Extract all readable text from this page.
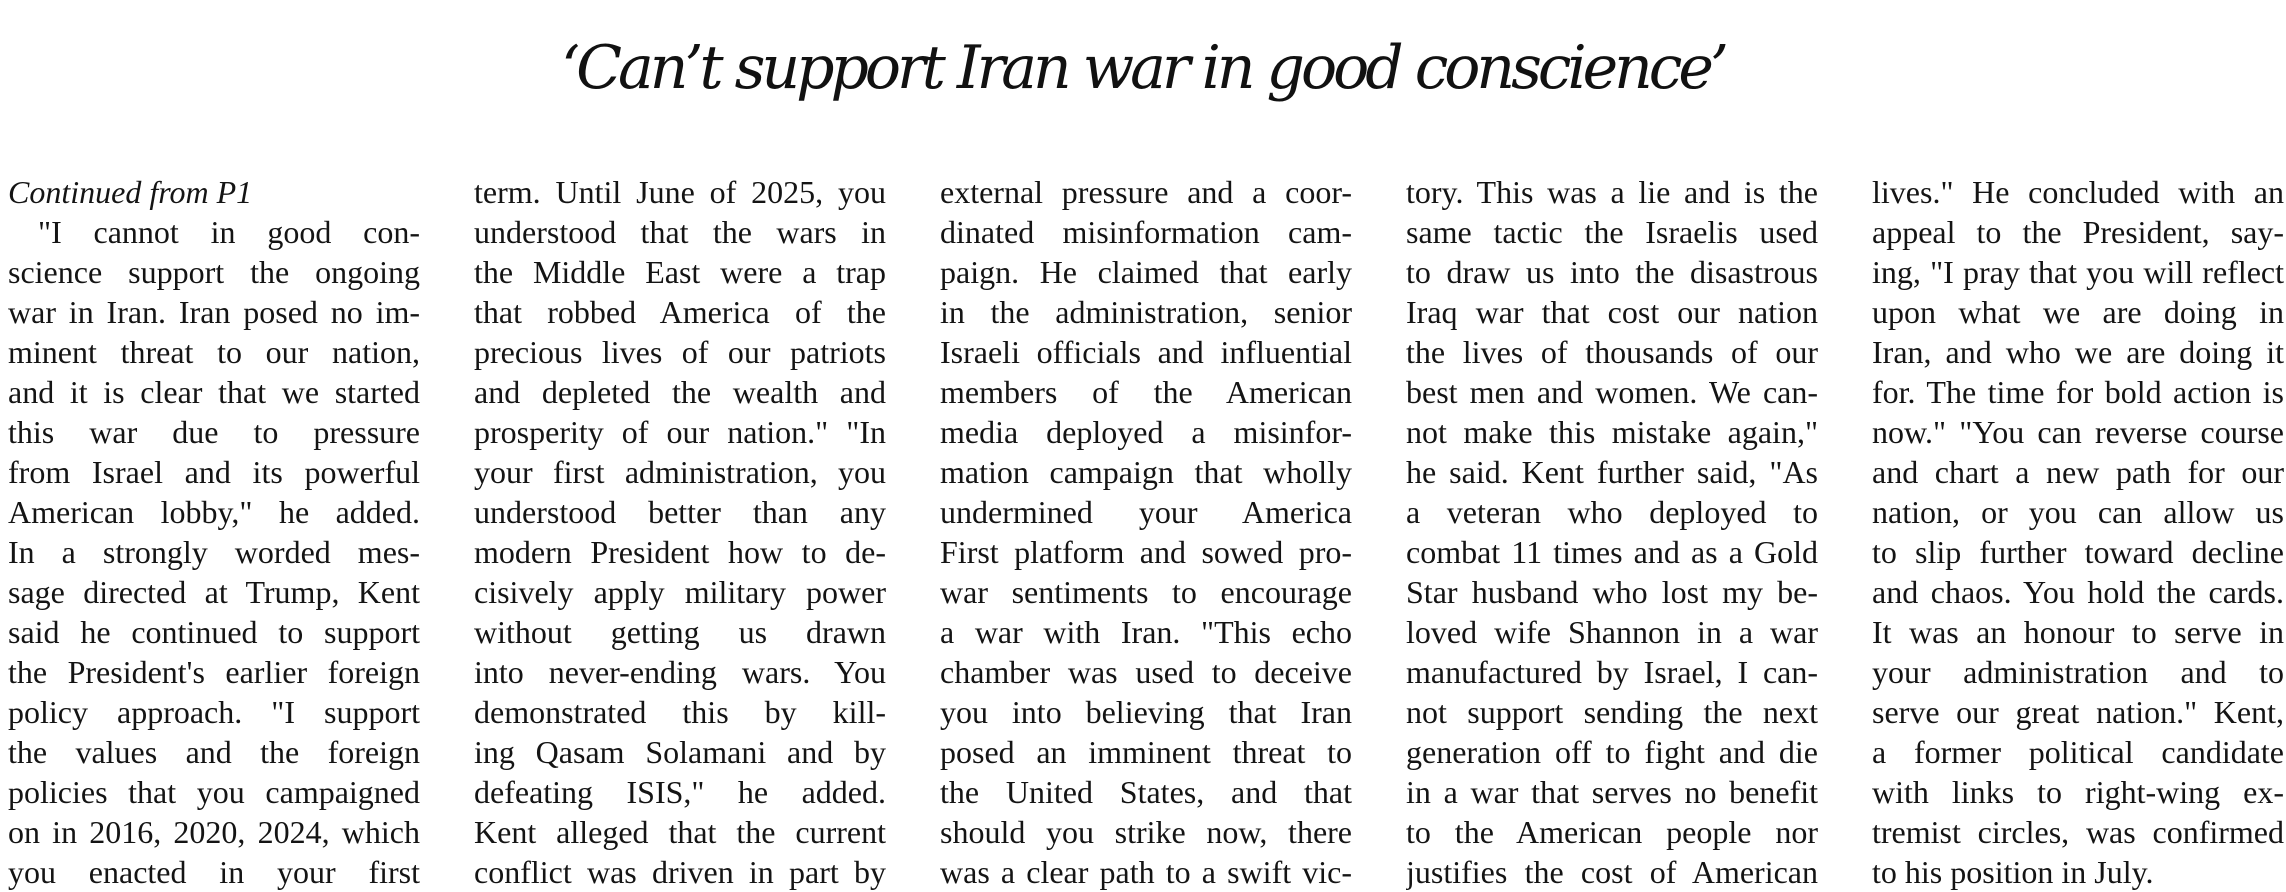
‘Can’t support Iran war in good conscience’
Continued from P1
"I cannot in good con-
science support the ongoing
war in Iran. Iran posed no im-
minent threat to our nation,
and it is clear that we started
this war due to pressure
from Israel and its powerful
American lobby," he added.
In a strongly worded mes-
sage directed at Trump, Kent
said he continued to support
the President's earlier foreign
policy approach. "I support
the values and the foreign
policies that you campaigned
on in 2016, 2020, 2024, which
you enacted in your first
term. Until June of 2025, you
understood that the wars in
the Middle East were a trap
that robbed America of the
precious lives of our patriots
and depleted the wealth and
prosperity of our nation." "In
your first administration, you
understood better than any
modern President how to de-
cisively apply military power
without getting us drawn
into never-ending wars. You
demonstrated this by kill-
ing Qasam Solamani and by
defeating ISIS," he added.
Kent alleged that the current
conflict was driven in part by
external pressure and a coor-
dinated misinformation cam-
paign. He claimed that early
in the administration, senior
Israeli officials and influential
members of the American
media deployed a misinfor-
mation campaign that wholly
undermined your America
First platform and sowed pro-
war sentiments to encourage
a war with Iran. "This echo
chamber was used to deceive
you into believing that Iran
posed an imminent threat to
the United States, and that
should you strike now, there
was a clear path to a swift vic-
tory. This was a lie and is the
same tactic the Israelis used
to draw us into the disastrous
Iraq war that cost our nation
the lives of thousands of our
best men and women. We can-
not make this mistake again,"
he said. Kent further said, "As
a veteran who deployed to
combat 11 times and as a Gold
Star husband who lost my be-
loved wife Shannon in a war
manufactured by Israel, I can-
not support sending the next
generation off to fight and die
in a war that serves no benefit
to the American people nor
justifies the cost of American
lives." He concluded with an
appeal to the President, say-
ing, "I pray that you will reflect
upon what we are doing in
Iran, and who we are doing it
for. The time for bold action is
now." "You can reverse course
and chart a new path for our
nation, or you can allow us
to slip further toward decline
and chaos. You hold the cards.
It was an honour to serve in
your administration and to
serve our great nation." Kent,
a former political candidate
with links to right-wing ex-
tremist circles, was confirmed
to his position in July.
